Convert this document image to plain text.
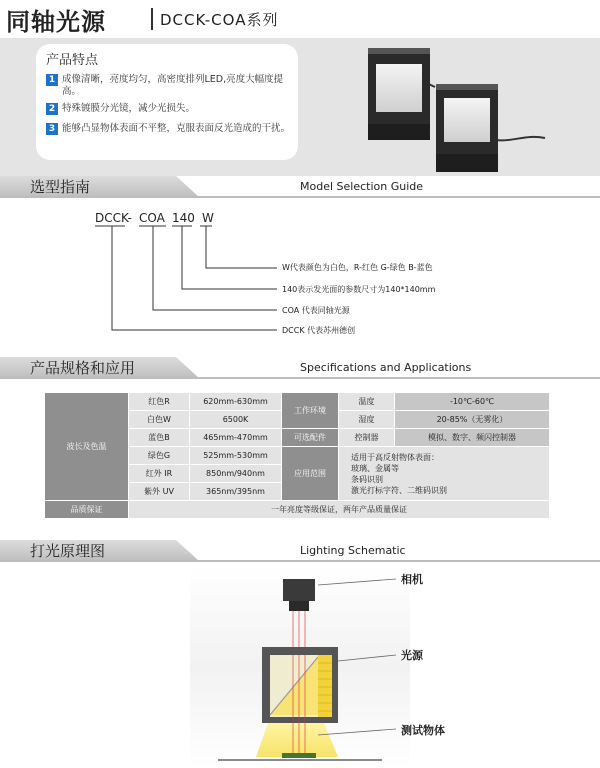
同轴光源	DCCK-COA系列
产品特点
1 成像清晰，亮度均匀，高密度排列LED,亮度大幅度提高。
2 特殊镀膜分光镜，减少光损失。
3 能够凸显物体表面不平整，克服表面反光造成的干扰。
选型指南	Model Selection Guide
DCCK- COA 140 W
W代表颜色为白色，R-红色 G-绿色 B-蓝色
140表示发光面的参数尺寸为140*140mm
COA 代表同轴光源
DCCK 代表苏州德创
产品规格和应用	Specifications and Applications
波长及色温	红色R	620mm-630mm	工作环境	温度	-10℃-60℃
	白色W	6500K		湿度	20-85%（无雾化）
	蓝色B	465mm-470mm	可选配件	控制器	模拟、数字、频闪控制器
	绿色G	525mm-530mm	应用范围	适用于高反射物体表面：
玻璃、金属等
条码识别
激光打标字符、二维码识别	

	红外 IR	850nm/940nm			
	紫外 UV	365nm/395nm			
品质保证	一年亮度等级保证，两年产品质量保证				
打光原理图	Lighting Schematic
相机
光源
测试物体
